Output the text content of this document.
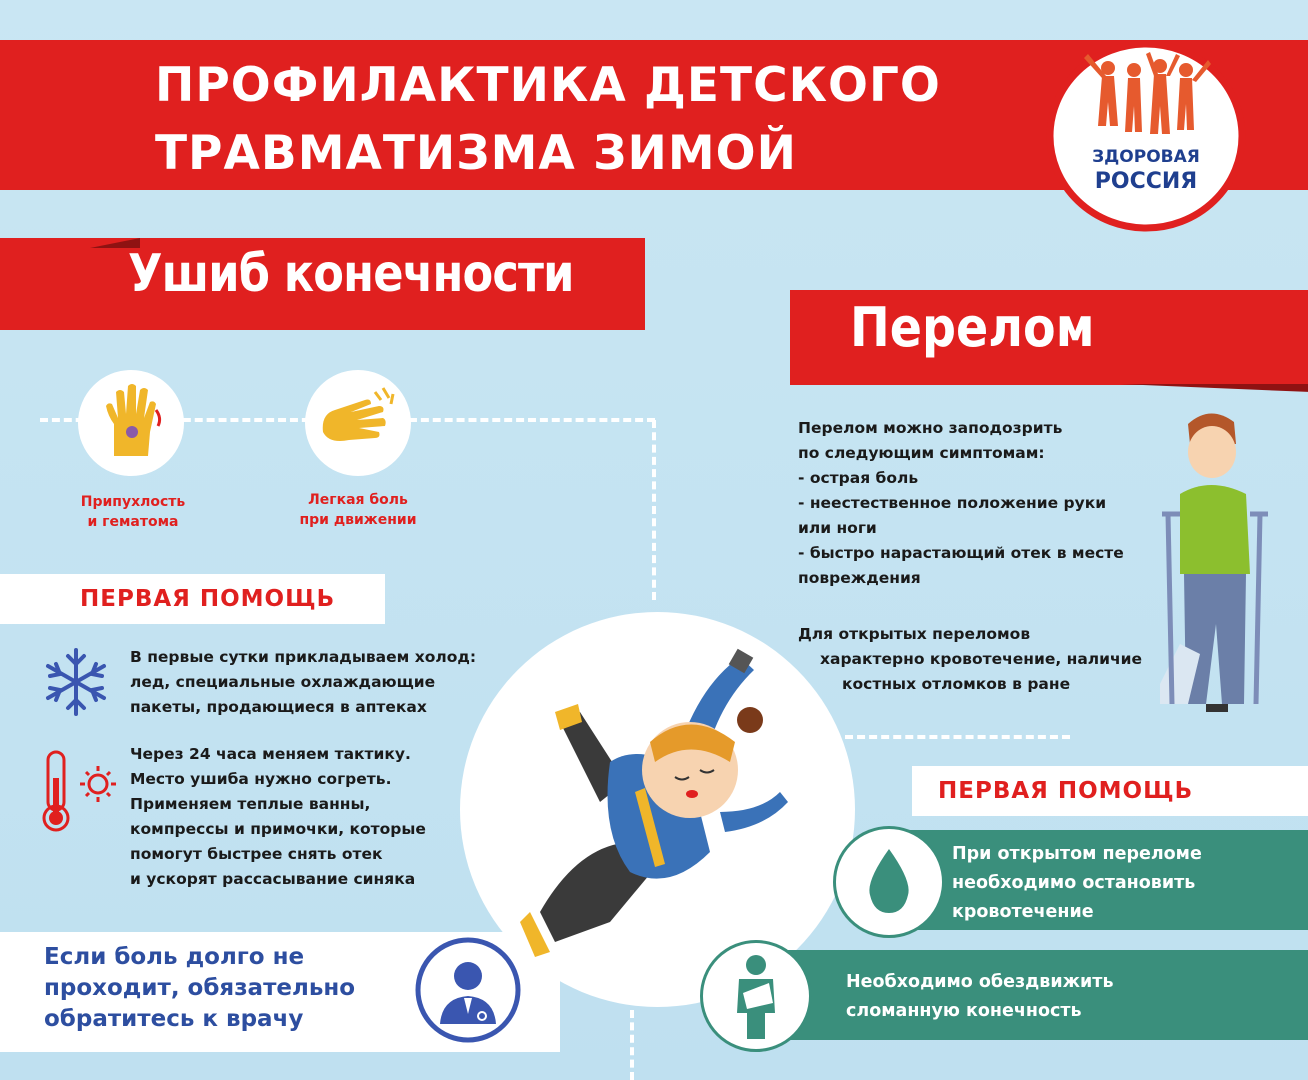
ПРОФИЛАКТИКА ДЕТСКОГО
ТРАВМАТИЗМА ЗИМОЙ	ЗДОРОВАЯ
РОССИЯ
Ушиб конечности
Перелом
Припухлость
и гематома
Легкая боль
при движении
ПЕРВАЯ ПОМОЩЬ
В первые сутки прикладываем холод:
лед, специальные охлаждающие
пакеты, продающиеся в аптеках
Через 24 часа меняем тактику.
Место ушиба нужно согреть.
Применяем теплые ванны,
компрессы и примочки, которые
помогут быстрее снять отек
и ускорят рассасывание синяка
Если боль долго не
проходит, обязательно
обратитесь к врачу
Перелом можно заподозрить
по следующим симптомам:
- острая боль
- неестественное положение руки
или ноги
- быстро нарастающий отек в месте
повреждения
Для открытых переломов
характерно кровотечение, наличие
костных отломков в ране
ПЕРВАЯ ПОМОЩЬ
При открытом переломе
необходимо остановить
кровотечение
Необходимо обездвижить
сломанную конечность
